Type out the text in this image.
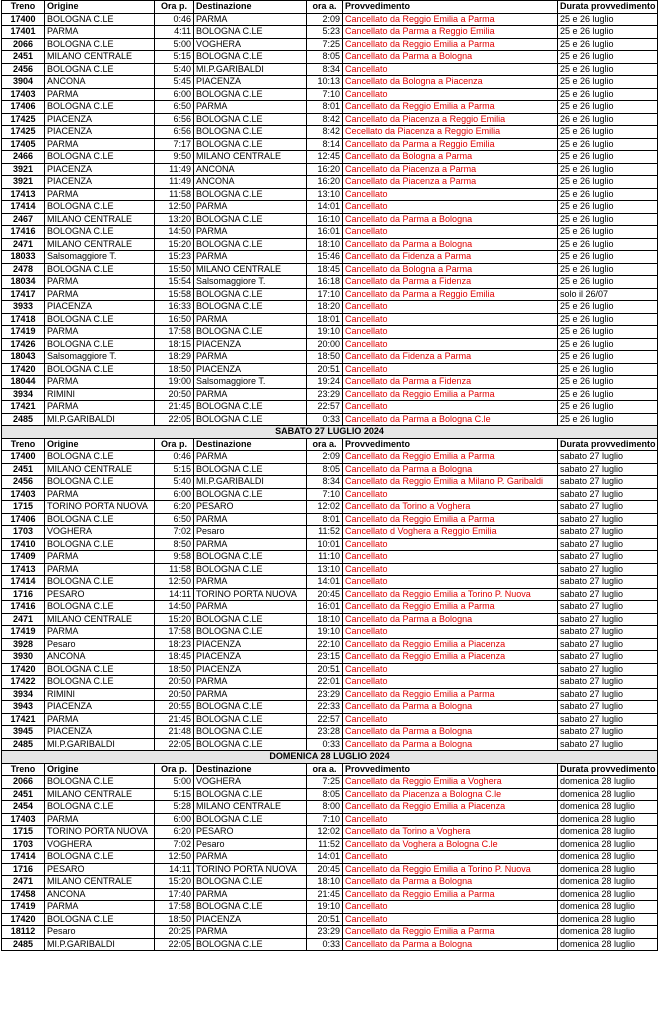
Treno	Origine	Ora p.	Destinazione	ora a.	Provvedimento	Durata provvedimento
17400	BOLOGNA C.LE	0:46	PARMA	2:09	Cancellato da Reggio Emilia a Parma	25 e 26 luglio
17401	PARMA	4:11	BOLOGNA C.LE	5:23	Cancellato da Parma a Reggio Emilia	25 e 26 luglio
2066	BOLOGNA C.LE	5:00	VOGHERA	7:25	Cancellato da Reggio Emilia a Parma	25 e 26 luglio
2451	MILANO CENTRALE	5:15	BOLOGNA C.LE	8:05	Cancellato da Parma a Bologna	25 e 26 luglio
2456	BOLOGNA C.LE	5:40	MI.P.GARIBALDI	8:34	Cancellato	25 e 26 luglio
3904	ANCONA	5:45	PIACENZA	10:13	Cancellato da Bologna a Piacenza	25 e 26 luglio
17403	PARMA	6:00	BOLOGNA C.LE	7:10	Cancellato	25 e 26 luglio
17406	BOLOGNA C.LE	6:50	PARMA	8:01	Cancellato da Reggio Emilia a Parma	25 e 26 luglio
17425	PIACENZA	6:56	BOLOGNA C.LE	8:42	Cancellato da Piacenza a Reggio Emilia	26 e 26 luglio
17425	PIACENZA	6:56	BOLOGNA C.LE	8:42	Cecellato da Piacenza a Reggio Emilia	25 e 26 luglio
17405	PARMA	7:17	BOLOGNA C.LE	8:14	Cancellato da Parma a Reggio Emilia	25 e 26 luglio
2466	BOLOGNA C.LE	9:50	MILANO CENTRALE	12:45	Cancellato da Bologna a Parma	25 e 26 luglio
3921	PIACENZA	11:49	ANCONA	16:20	Cancellato da Piacenza a Parma	25 e 26 luglio
3921	PIACENZA	11:49	ANCONA	16:20	Cancellato da Piacenza a Parma	25 e 26 luglio
17413	PARMA	11:58	BOLOGNA C.LE	13:10	Cancellato	25 e 26 luglio
17414	BOLOGNA C.LE	12:50	PARMA	14:01	Cancellato	25 e 26 luglio
2467	MILANO CENTRALE	13:20	BOLOGNA C.LE	16:10	Cancellato da Parma a Bologna	25 e 26 luglio
17416	BOLOGNA C.LE	14:50	PARMA	16:01	Cancellato	25 e 26 luglio
2471	MILANO CENTRALE	15:20	BOLOGNA C.LE	18:10	Cancellato da Parma a Bologna	25 e 26 luglio
18033	Salsomaggiore T.	15:23	PARMA	15:46	Cancellato da Fidenza a Parma	25 e 26 luglio
2478	BOLOGNA C.LE	15:50	MILANO CENTRALE	18:45	Cancellato da Bologna a Parma	25 e 26 luglio
18034	PARMA	15:54	Salsomaggiore T.	16:18	Cancellato da Parma a Fidenza	25 e 26 luglio
17417	PARMA	15:58	BOLOGNA C.LE	17:10	Cancellato da Parma a Reggio Emilia	solo il 26/07
3933	PIACENZA	16:33	BOLOGNA C.LE	18:20	Cancellato	25 e 26 luglio
17418	BOLOGNA C.LE	16:50	PARMA	18:01	Cancellato	25 e 26 luglio
17419	PARMA	17:58	BOLOGNA C.LE	19:10	Cancellato	25 e 26 luglio
17426	BOLOGNA C.LE	18:15	PIACENZA	20:00	Cancellato	25 e 26 luglio
18043	Salsomaggiore T.	18:29	PARMA	18:50	Cancellato da Fidenza a Parma	25 e 26 luglio
17420	BOLOGNA C.LE	18:50	PIACENZA	20:51	Cancellato	25 e 26 luglio
18044	PARMA	19:00	Salsomaggiore T.	19:24	Cancellato da Parma a Fidenza	25 e 26 luglio
3934	RIMINI	20:50	PARMA	23:29	Cancellato da Reggio Emilia a Parma	25 e 26 luglio
17421	PARMA	21:45	BOLOGNA C.LE	22:57	Cancellato	25 e 26 luglio
2485	MI.P.GARIBALDI	22:05	BOLOGNA C.LE	0:33	Cancellato da Parma a Bologna C.le	25 e 26 luglio
SABATO 27 LUGLIO 2024						
Treno	Origine	Ora p.	Destinazione	ora a.	Provvedimento	Durata provvedimento
17400	BOLOGNA C.LE	0:46	PARMA	2:09	Cancellato da Reggio Emilia a Parma	sabato 27 luglio
2451	MILANO CENTRALE	5:15	BOLOGNA C.LE	8:05	Cancellato da Parma a Bologna	sabato 27 luglio
2456	BOLOGNA C.LE	5:40	MI.P.GARIBALDI	8:34	Cancellato da Reggio Emilia a Milano P. Garibaldi	sabato 27 luglio
17403	PARMA	6:00	BOLOGNA C.LE	7:10	Cancellato	sabato 27 luglio
1715	TORINO PORTA NUOVA	6:20	PESARO	12:02	Cancellato da Torino a Voghera	sabato 27 luglio
17406	BOLOGNA C.LE	6:50	PARMA	8:01	Cancellato da Reggio Emilia a Parma	sabato 27 luglio
1703	VOGHERA	7:02	Pesaro	11:52	Cancellato d Voghera a Reggio Emilia	sabato 27 luglio
17410	BOLOGNA C.LE	8:50	PARMA	10:01	Cancellato	sabato 27 luglio
17409	PARMA	9:58	BOLOGNA C.LE	11:10	Cancellato	sabato 27 luglio
17413	PARMA	11:58	BOLOGNA C.LE	13:10	Cancellato	sabato 27 luglio
17414	BOLOGNA C.LE	12:50	PARMA	14:01	Cancellato	sabato 27 luglio
1716	PESARO	14:11	TORINO PORTA NUOVA	20:45	Cancellato da Reggio Emilia a Torino P. Nuova	sabato 27 luglio
17416	BOLOGNA C.LE	14:50	PARMA	16:01	Cancellato da Reggio Emilia a Parma	sabato 27 luglio
2471	MILANO CENTRALE	15:20	BOLOGNA C.LE	18:10	Cancellato da Parma a Bologna	sabato 27 luglio
17419	PARMA	17:58	BOLOGNA C.LE	19:10	Cancellato	sabato 27 luglio
3928	Pesaro	18:23	PIACENZA	22:10	Cancellato da Reggio Emilia a Piacenza	sabato 27 luglio
3930	ANCONA	18:45	PIACENZA	23:15	Cancellato da Reggio Emilia a Piacenza	sabato 27 luglio
17420	BOLOGNA C.LE	18:50	PIACENZA	20:51	Cancellato	sabato 27 luglio
17422	BOLOGNA C.LE	20:50	PARMA	22:01	Cancellato	sabato 27 luglio
3934	RIMINI	20:50	PARMA	23:29	Cancellato da Reggio Emilia a Parma	sabato 27 luglio
3943	PIACENZA	20:55	BOLOGNA C.LE	22:33	Cancellato da Parma a Bologna	sabato 27 luglio
17421	PARMA	21:45	BOLOGNA C.LE	22:57	Cancellato	sabato 27 luglio
3945	PIACENZA	21:48	BOLOGNA C.LE	23:28	Cancellato da Parma a Bologna	sabato 27 luglio
2485	MI.P.GARIBALDI	22:05	BOLOGNA C.LE	0:33	Cancellato da Parma a Bologna	sabato 27 luglio
DOMENICA 28 LUGLIO 2024						
Treno	Origine	Ora p.	Destinazione	ora a.	Provvedimento	Durata provvedimento
2066	BOLOGNA C.LE	5:00	VOGHERA	7:25	Cancellato da Reggio Emilia a Voghera	domenica 28 luglio
2451	MILANO CENTRALE	5:15	BOLOGNA C.LE	8:05	Cancellato da Piacenza a Bologna C.le	domenica 28 luglio
2454	BOLOGNA C.LE	5:28	MILANO CENTRALE	8:00	Cancellato da Reggio Emilia a Piacenza	domenica 28 luglio
17403	PARMA	6:00	BOLOGNA C.LE	7:10	Cancellato	domenica 28 luglio
1715	TORINO PORTA NUOVA	6:20	PESARO	12:02	Cancellato da Torino a Voghera	domenica 28 luglio
1703	VOGHERA	7:02	Pesaro	11:52	Cancellato da Voghera a Bologna C.le	domenica 28 luglio
17414	BOLOGNA C.LE	12:50	PARMA	14:01	Cancellato	domenica 28 luglio
1716	PESARO	14:11	TORINO PORTA NUOVA	20:45	Cancellato da Reggio Emilia a Torino P. Nuova	domenica 28 luglio
2471	MILANO CENTRALE	15:20	BOLOGNA C.LE	18:10	Cancellato da Parma a Bologna	domenica 28 luglio
17458	ANCONA	17:40	PARMA	21:45	Cancellato da Reggio Emilia a Parma	domenica 28 luglio
17419	PARMA	17:58	BOLOGNA C.LE	19:10	Cancellato	domenica 28 luglio
17420	BOLOGNA C.LE	18:50	PIACENZA	20:51	Cancellato	domenica 28 luglio
18112	Pesaro	20:25	PARMA	23:29	Cancellato da Reggio Emilia a Parma	domenica 28 luglio
2485	MI.P.GARIBALDI	22:05	BOLOGNA C.LE	0:33	Cancellato da Parma a Bologna	domenica 28 luglio
